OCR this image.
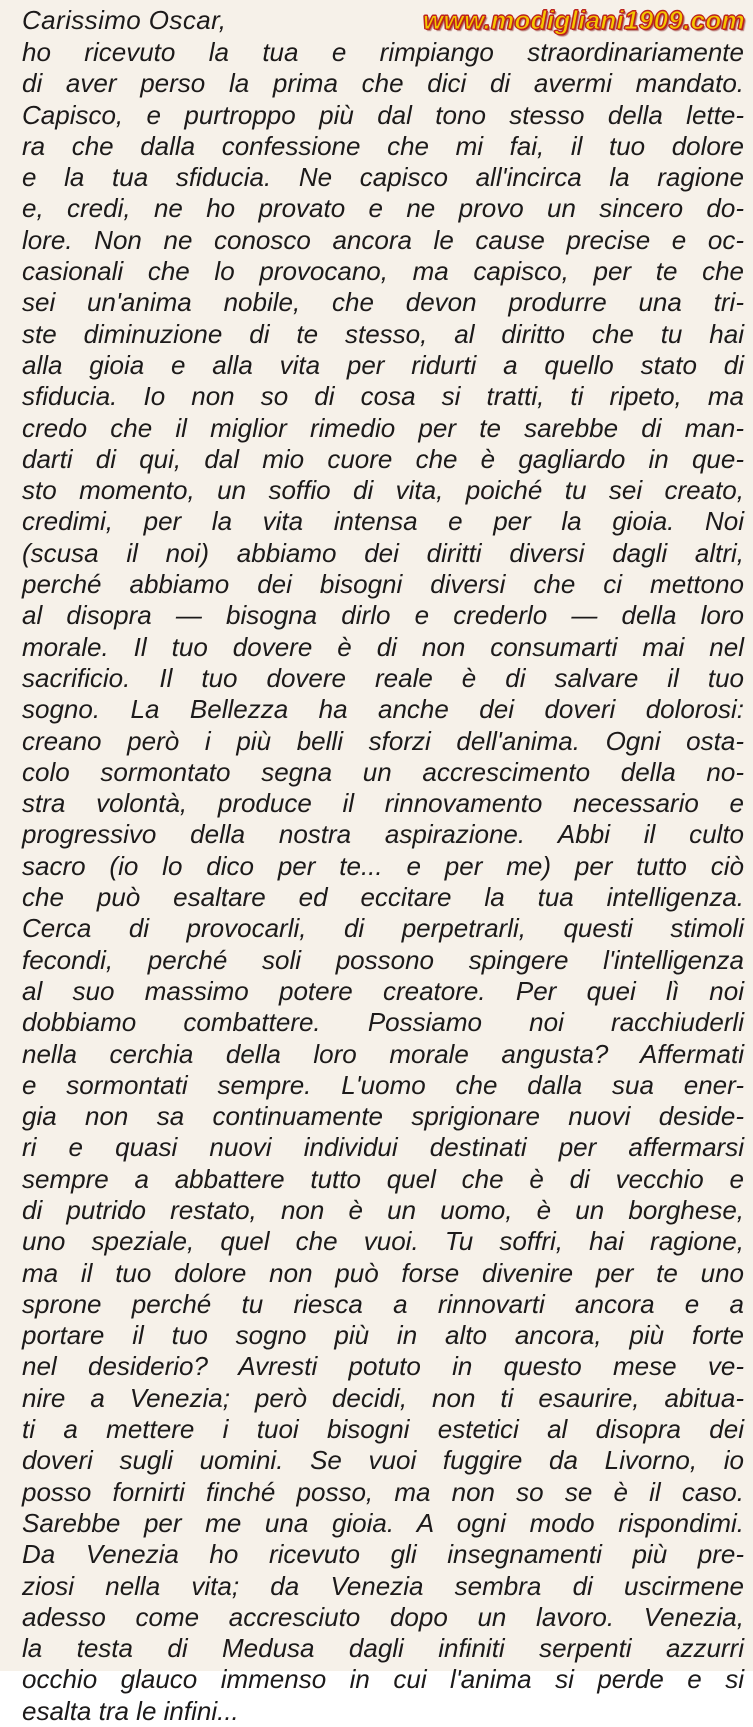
Carissimo Oscar,	www.modigliani1909.com
ho ricevuto la tua e rimpiango straordinariamente
di aver perso la prima che dici di avermi mandato.
Capisco, e purtroppo più dal tono stesso della lette-
ra che dalla confessione che mi fai, il tuo dolore
e la tua sfiducia. Ne capisco all'incirca la ragione
e, credi, ne ho provato e ne provo un sincero do-
lore. Non ne conosco ancora le cause precise e oc-
casionali che lo provocano, ma capisco, per te che
sei un'anima nobile, che devon produrre una tri-
ste diminuzione di te stesso, al diritto che tu hai
alla gioia e alla vita per ridurti a quello stato di
sfiducia. Io non so di cosa si tratti, ti ripeto, ma
credo che il miglior rimedio per te sarebbe di man-
darti di qui, dal mio cuore che è gagliardo in que-
sto momento, un soffio di vita, poiché tu sei creato,
credimi, per la vita intensa e per la gioia. Noi
(scusa il noi) abbiamo dei diritti diversi dagli altri,
perché abbiamo dei bisogni diversi che ci mettono
al disopra — bisogna dirlo e crederlo — della loro
morale. Il tuo dovere è di non consumarti mai nel
sacrificio. Il tuo dovere reale è di salvare il tuo
sogno. La Bellezza ha anche dei doveri dolorosi:
creano però i più belli sforzi dell'anima. Ogni osta-
colo sormontato segna un accrescimento della no-
stra volontà, produce il rinnovamento necessario e
progressivo della nostra aspirazione. Abbi il culto
sacro (io lo dico per te... e per me) per tutto ciò
che può esaltare ed eccitare la tua intelligenza.
Cerca di provocarli, di perpetrarli, questi stimoli
fecondi, perché soli possono spingere l'intelligenza
al suo massimo potere creatore. Per quei lì noi
dobbiamo combattere. Possiamo noi racchiuderli
nella cerchia della loro morale angusta? Affermati
e sormontati sempre. L'uomo che dalla sua ener-
gia non sa continuamente sprigionare nuovi deside-
ri e quasi nuovi individui destinati per affermarsi
sempre a abbattere tutto quel che è di vecchio e
di putrido restato, non è un uomo, è un borghese,
uno speziale, quel che vuoi. Tu soffri, hai ragione,
ma il tuo dolore non può forse divenire per te uno
sprone perché tu riesca a rinnovarti ancora e a
portare il tuo sogno più in alto ancora, più forte
nel desiderio? Avresti potuto in questo mese ve-
nire a Venezia; però decidi, non ti esaurire, abitua-
ti a mettere i tuoi bisogni estetici al disopra dei
doveri sugli uomini. Se vuoi fuggire da Livorno, io
posso fornirti finché posso, ma non so se è il caso.
Sarebbe per me una gioia. A ogni modo rispondimi.
Da Venezia ho ricevuto gli insegnamenti più pre-
ziosi nella vita; da Venezia sembra di uscirmene
adesso come accresciuto dopo un lavoro. Venezia,
la testa di Medusa dagli infiniti serpenti azzurri
occhio glauco immenso in cui l'anima si perde e si
esalta tra le infini...
